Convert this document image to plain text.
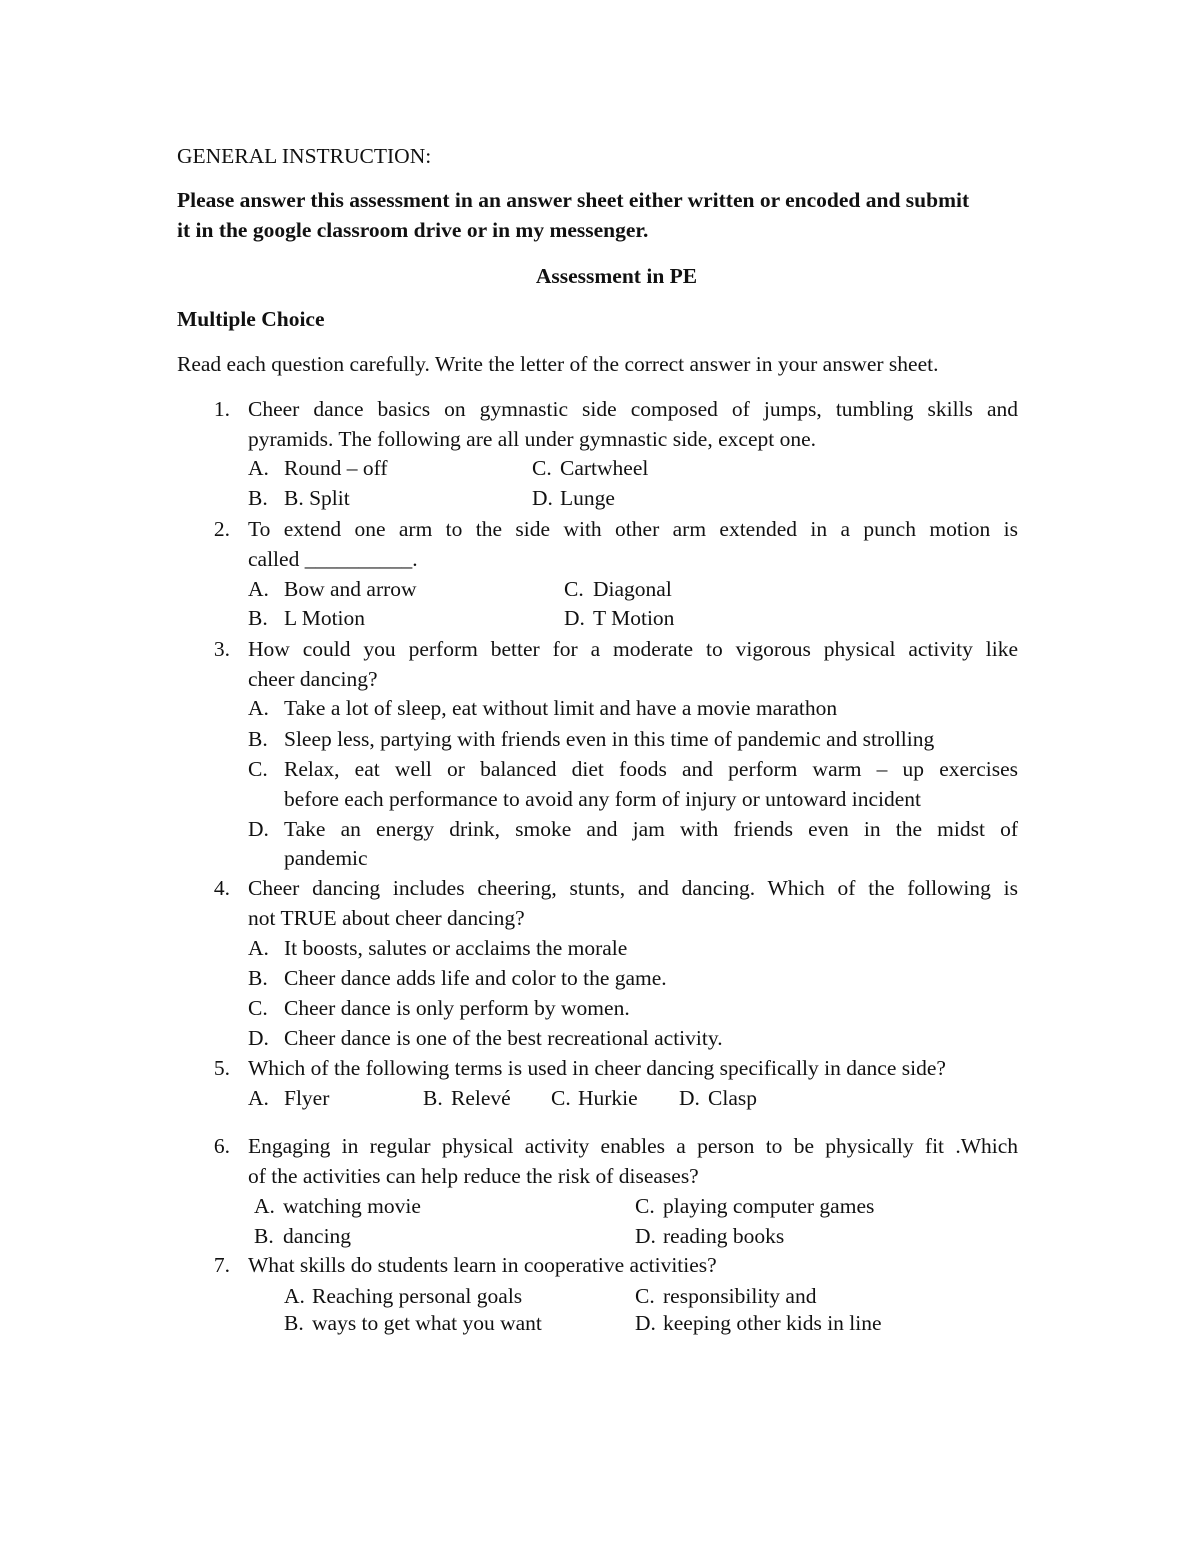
GENERAL INSTRUCTION:
Please answer this assessment in an answer sheet either written or encoded and submit
it in the google classroom drive or in my messenger.
Assessment in PE
Multiple Choice
Read each question carefully. Write the letter of the correct answer in your answer sheet.
1. Cheer dance basics on gymnastic side composed of jumps, tumbling skills and
pyramids. The following are all under gymnastic side, except one.
A. Round – off	C. Cartwheel
B. B. Split	D. Lunge
2. To extend one arm to the side with other arm extended in a punch motion is
called __________.
A. Bow and arrow	C. Diagonal
B. L Motion	D. T Motion
3. How could you perform better for a moderate to vigorous physical activity like
cheer dancing?
A. Take a lot of sleep, eat without limit and have a movie marathon
B. Sleep less, partying with friends even in this time of pandemic and strolling
C. Relax, eat well or balanced diet foods and perform warm – up exercises
before each performance to avoid any form of injury or untoward incident
D. Take an energy drink, smoke and jam with friends even in the midst of
pandemic
4. Cheer dancing includes cheering, stunts, and dancing. Which of the following is
not TRUE about cheer dancing?
A. It boosts, salutes or acclaims the morale
B. Cheer dance adds life and color to the game.
C. Cheer dance is only perform by women.
D. Cheer dance is one of the best recreational activity.
5. Which of the following terms is used in cheer dancing specifically in dance side?
A. Flyer	B. Relevé C. Hurkie D. Clasp
6. Engaging in regular physical activity enables a person to be physically fit .Which
of the activities can help reduce the risk of diseases?
A. watching movie	C. playing computer games
B. dancing	D. reading books
7. What skills do students learn in cooperative activities?
A. Reaching personal goals	C. responsibility and
B. ways to get what you want	D. keeping other kids in line
